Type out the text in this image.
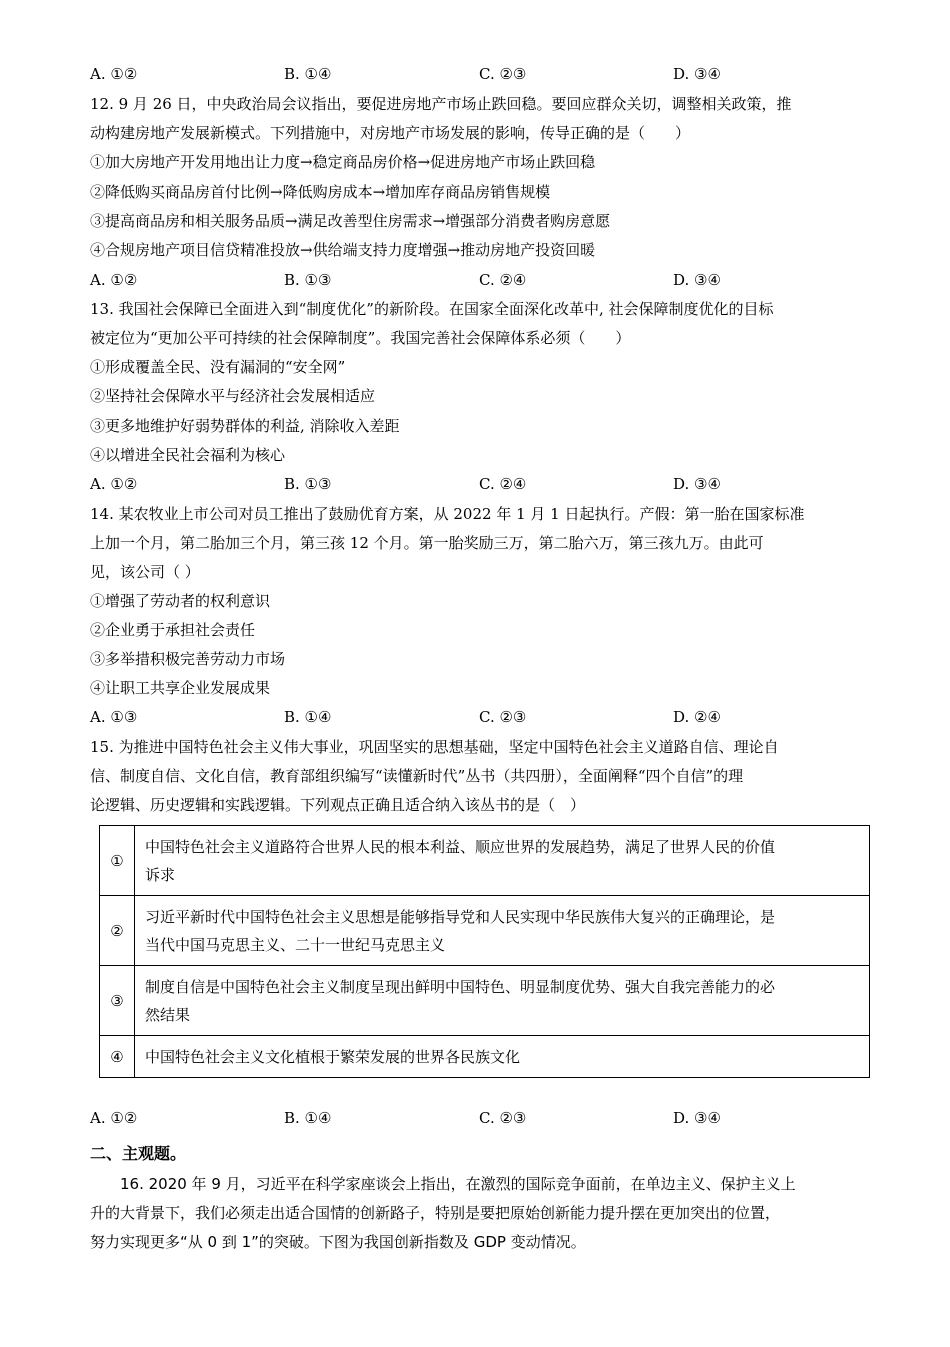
A. ①②	B. ①④	C. ②③	D. ③④
12. 9 月 26 日，中央政治局会议指出，要促进房地产市场止跌回稳。要回应群众关切，调整相关政策，推
动构建房地产发展新模式。下列措施中，对房地产市场发展的影响，传导正确的是（　　）
①加大房地产开发用地出让力度→稳定商品房价格→促进房地产市场止跌回稳
②降低购买商品房首付比例→降低购房成本→增加库存商品房销售规模
③提高商品房和相关服务品质→满足改善型住房需求→增强部分消费者购房意愿
④合规房地产项目信贷精准投放→供给端支持力度增强→推动房地产投资回暖
A. ①②	B. ①③	C. ②④	D. ③④
13. 我国社会保障已全面进入到“制度优化”的新阶段。在国家全面深化改革中, 社会保障制度优化的目标
被定位为“更加公平可持续的社会保障制度”。我国完善社会保障体系必须（　　）
①形成覆盖全民、没有漏洞的“安全网”
②坚持社会保障水平与经济社会发展相适应
③更多地维护好弱势群体的利益, 消除收入差距
④以增进全民社会福利为核心
A. ①②	B. ①③	C. ②④	D. ③④
14. 某农牧业上市公司对员工推出了鼓励优育方案，从 2022 年 1 月 1 日起执行。产假：第一胎在国家标准
上加一个月，第二胎加三个月，第三孩 12 个月。第一胎奖励三万，第二胎六万，第三孩九万。由此可
见，该公司（ ）
①增强了劳动者的权利意识
②企业勇于承担社会责任
③多举措积极完善劳动力市场
④让职工共享企业发展成果
A. ①③	B. ①④	C. ②③	D. ②④
15. 为推进中国特色社会主义伟大事业，巩固坚实的思想基础，坚定中国特色社会主义道路自信、理论自
信、制度自信、文化自信，教育部组织编写“读懂新时代”丛书（共四册），全面阐释“四个自信”的理
论逻辑、历史逻辑和实践逻辑。下列观点正确且适合纳入该丛书的是（　）
①	中国特色社会主义道路符合世界人民的根本利益、顺应世界的发展趋势，满足了世界人民的价值
诉求

②	习近平新时代中国特色社会主义思想是能够指导党和人民实现中华民族伟大复兴的正确理论，是
当代中国马克思主义、二十一世纪马克思主义

③	制度自信是中国特色社会主义制度呈现出鲜明中国特色、明显制度优势、强大自我完善能力的必
然结果

④	中国特色社会主义文化植根于繁荣发展的世界各民族文化
A. ①②	B. ①④	C. ②③	D. ③④
二、主观题。
16. 2020 年 9 月，习近平在科学家座谈会上指出，在激烈的国际竞争面前，在单边主义、保护主义上
升的大背景下，我们必须走出适合国情的创新路子，特别是要把原始创新能力提升摆在更加突出的位置，
努力实现更多“从 0 到 1”的突破。下图为我国创新指数及 GDP 变动情况。
